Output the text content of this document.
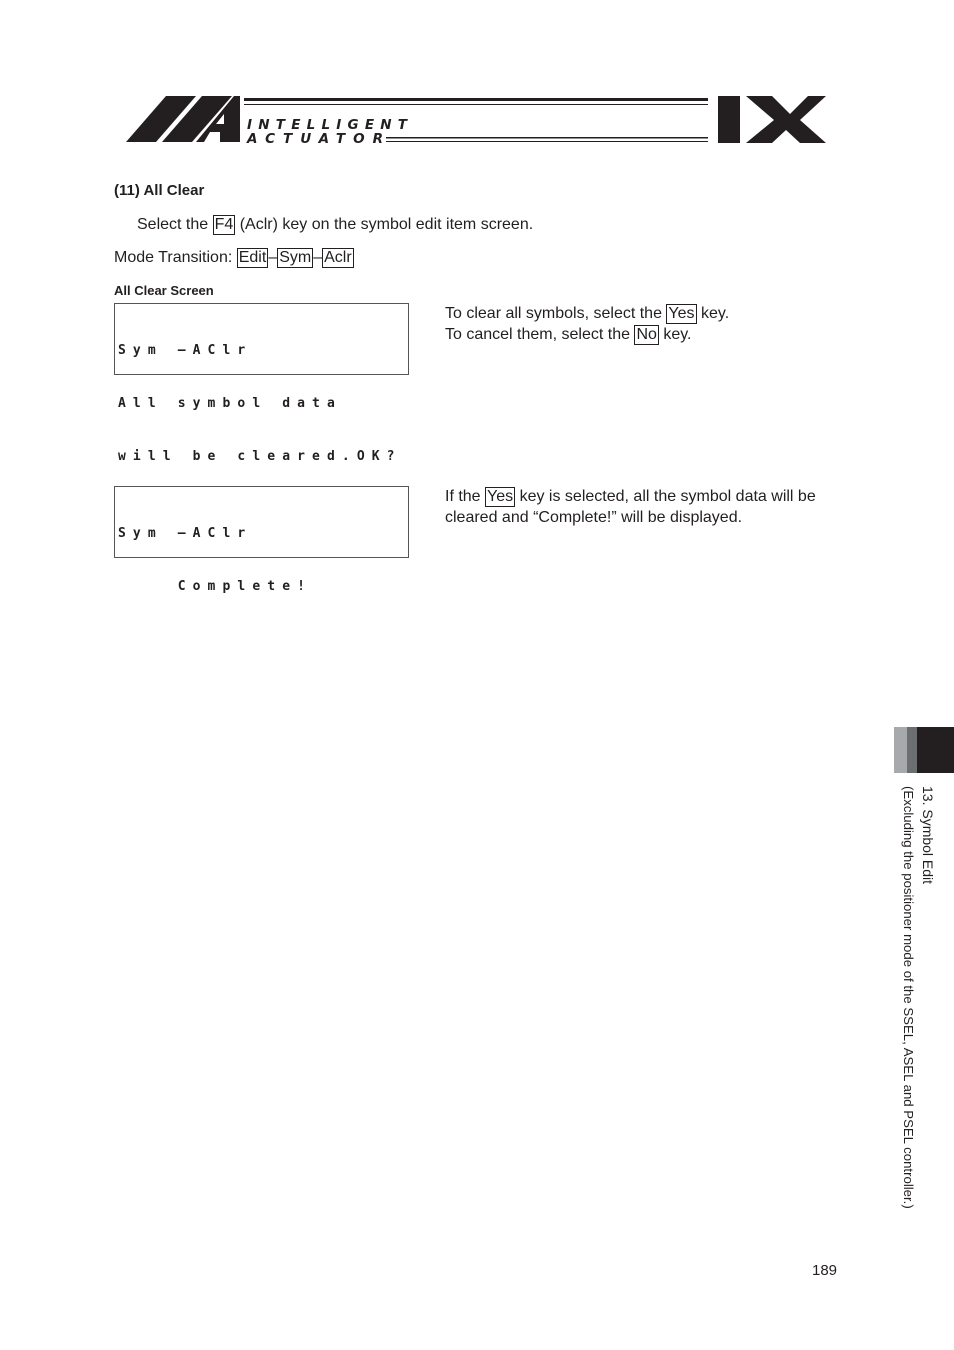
INTELLIGENT
ACTUATOR
(11) All Clear
Select the F4 (Aclr) key on the symbol edit item screen.
Mode Transition: Edit – Sym – Aclr
All Clear Screen

Sym –AClr

All symbol data

will be cleared.OK?

To clear all symbols, select the Yes key.
To cancel them, select the No key.

Sym –AClr

Complete!

If the Yes key is selected, all the symbol data will be
cleared and “Complete!” will be displayed.
13. Symbol Edit
(Excluding the positioner mode of the SSEL, ASEL and PSEL controller.)
189
